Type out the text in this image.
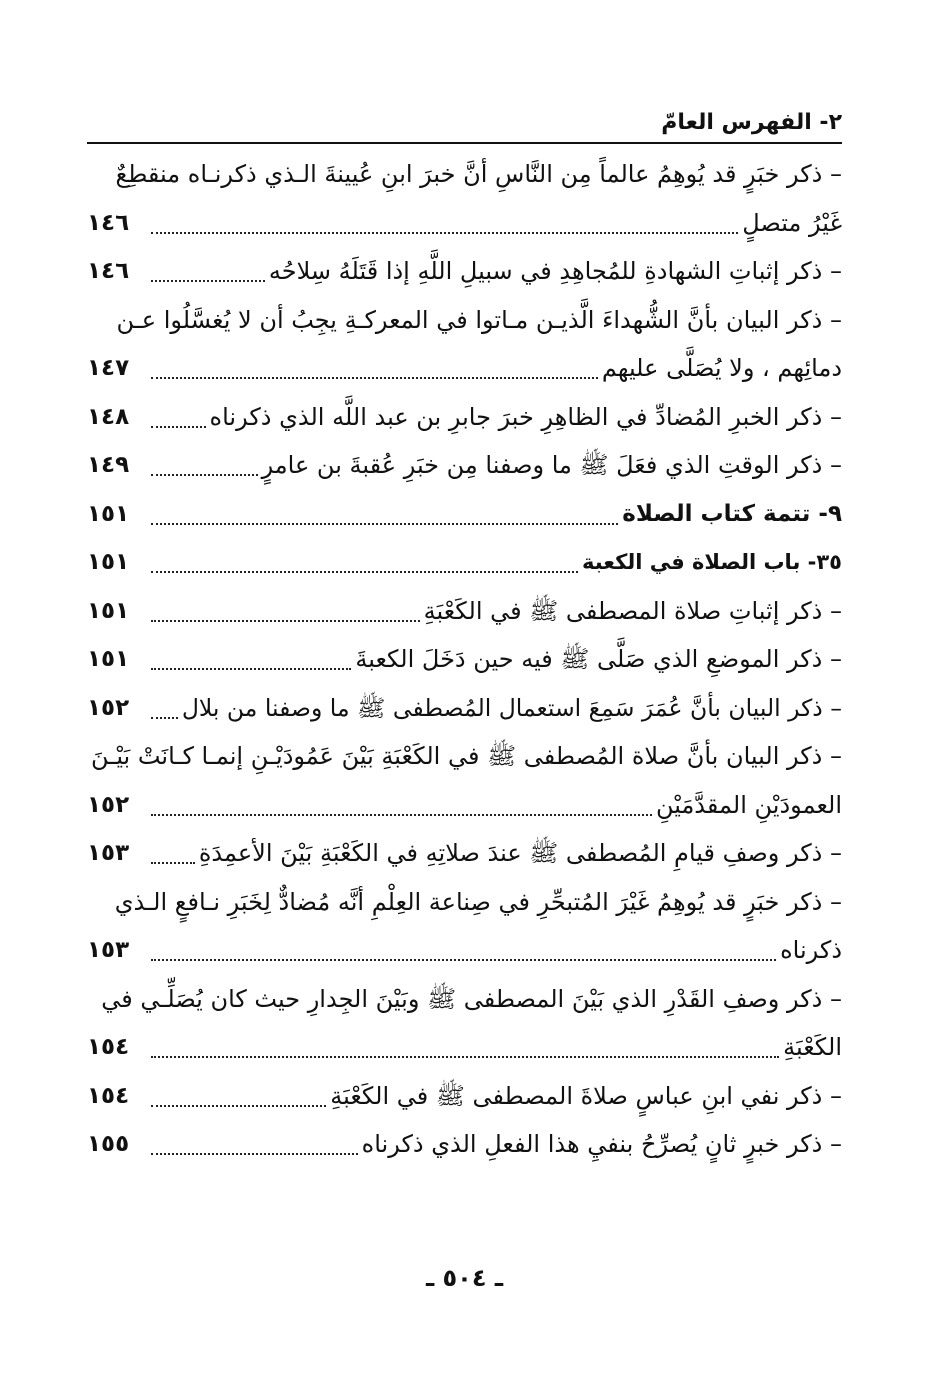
٢- الفهرس العامّ
– ذكر خبَرٍ قد يُوهِمُ عالماً مِن النَّاسِ أنَّ خبرَ ابنِ عُيينةَ الـذي ذكرنـاه منقطِعٌ
غَيْرُ متصلٍ
١٤٦
– ذكر إثباتِ الشهادةِ للمُجاهِدِ في سبيلِ اللَّهِ إذا قَتَلَهُ سِلاحُه
١٤٦
– ذكر البيان بأنَّ الشُّهداءَ الَّذيـن مـاتوا في المعركـةِ يجِبُ أن لا يُغسَّلُوا عـن
دمائِهم ، ولا يُصَلَّى عليهم
١٤٧
– ذكر الخبرِ المُضادِّ في الظاهِرِ خبرَ جابرِ بن عبد اللَّه الذي ذكرناه
١٤٨
– ذكر الوقتِ الذي فعَلَ ﷺ ما وصفنا مِن خبَرِ عُقبةَ بن عامرٍ
١٤٩
٩- تتمة كتاب الصلاة
١٥١
٣٥- باب الصلاة في الكعبة
١٥١
– ذكر إثباتِ صلاة المصطفى ﷺ في الكَعْبَةِ
١٥١
– ذكر الموضعِ الذي صَلَّى ﷺ فيه حين دَخَلَ الكعبةَ
١٥١
– ذكر البيان بأنَّ عُمَرَ سَمِعَ استعمال المُصطفى ﷺ ما وصفنا من بلال
١٥٢
– ذكر البيان بأنَّ صلاة المُصطفى ﷺ في الكَعْبَةِ بَيْنَ عَمُودَيْـنِ إنمـا كـانَتْ بَيْـنَ
العمودَيْنِ المقدَّمَيْنِ
١٥٢
– ذكر وصفِ قيامِ المُصطفى ﷺ عندَ صلاتِهِ في الكَعْبَةِ بَيْنَ الأعمِدَةِ
١٥٣
– ذكر خبَرٍ قد يُوهِمُ غَيْرَ المُتبحِّرِ في صِناعة العِلْمِ أنَّه مُضادٌّ لِخَبَرِ نـافعٍ الـذي
ذكرناه
١٥٣
– ذكر وصفِ القَدْرِ الذي بَيْنَ المصطفى ﷺ وبَيْنَ الجِدارِ حيث كان يُصَلِّـي في
الكَعْبَةِ
١٥٤
– ذكر نفي ابنِ عباسٍ صلاةَ المصطفى ﷺ في الكَعْبَةِ
١٥٤
– ذكر خبرٍ ثانٍ يُصرِّحُ بنفيِ هذا الفعلِ الذي ذكرناه
١٥٥
ـ ٥٠٤ ـ
